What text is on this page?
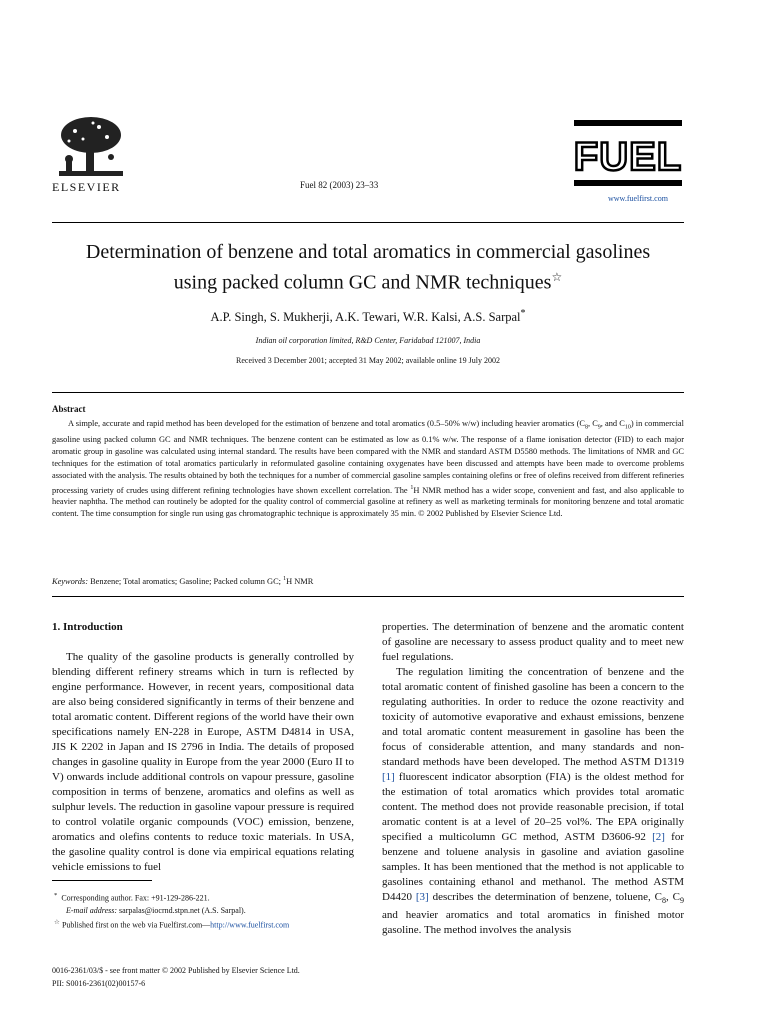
ELSEVIER	Fuel 82 (2003) 23–33
FUEL
www.fuelfirst.com
Determination of benzene and total aromatics in commercial gasolines
using packed column GC and NMR techniques☆
A.P. Singh, S. Mukherji, A.K. Tewari, W.R. Kalsi, A.S. Sarpal*
Indian oil corporation limited, R&D Center, Faridabad 121007, India
Received 3 December 2001; accepted 31 May 2002; available online 19 July 2002
Abstract
A simple, accurate and rapid method has been developed for the estimation of benzene and total aromatics (0.5–50% w/w) including heavier aromatics ($C_8$, $C_9$, and $C_{10}$) in commercial gasoline using packed column GC and NMR techniques. The benzene content can be estimated as low as 0.1% w/w. The response of a flame ionisation detector (FID) to each major aromatic group in gasoline was calculated using internal standard. The results have been compared with the NMR and standard ASTM D5580 methods. The limitations of NMR and GC techniques for the estimation of total aromatics particularly in reformulated gasoline containing oxygenates have been discussed and attempts have been made to overcome problems associated with the analysis. The results obtained by both the techniques for a number of commercial gasoline samples containing olefins or free of olefins received from different refineries processing variety of crudes using different refining technologies have shown excellent correlation. The $^1$H NMR method has a wider scope, convenient and fast, and also applicable to heavier naphtha. The method can routinely be adopted for the quality control of commercial gasoline at refinery as well as marketing terminals for monitoring benzene and total aromatic content. The time consumption for single run using gas chromatographic technique is approximately 35 min. © 2002 Published by Elsevier Science Ltd.
Keywords: Benzene; Total aromatics; Gasoline; Packed column GC; $^1$H NMR
1. Introduction
The quality of the gasoline products is generally controlled by blending different refinery streams which in turn is reflected by engine performance. However, in recent years, compositional data are also being considered significantly in terms of their benzene and total aromatic content. Different regions of the world have their own specifications namely EN-228 in Europe, ASTM D4814 in USA, JIS K 2202 in Japan and IS 2796 in India. The details of proposed changes in gasoline quality in Europe from the year 2000 (Euro II to V) onwards include additional controls on vapour pressure, gasoline composition in terms of benzene, aromatics and olefins as well as sulphur levels. The reduction in gasoline vapour pressure is required to control volatile organic compounds (VOC) emission, benzene, aromatics and olefins contents to reduce toxic materials. In USA, the gasoline quality control is done via empirical equations relating vehicle emissions to fuel
properties. The determination of benzene and the aromatic content of gasoline are necessary to assess product quality and to meet new fuel regulations.
The regulation limiting the concentration of benzene and the total aromatic content of finished gasoline has been a concern to the regulating authorities. In order to reduce the ozone reactivity and toxicity of automotive evaporative and exhaust emissions, benzene and total aromatic content measurement in gasoline has been the focus of considerable attention, and many standards and non-standard methods have been developed. The method ASTM D1319 [1] fluorescent indicator absorption (FIA) is the oldest method for the estimation of total aromatics which provides total aromatic content. The method does not provide reasonable precision, if total aromatic content is at a level of 20–25 vol%. The EPA originally specified a multicolumn GC method, ASTM D3606-92 [2] for benzene and toluene analysis in gasoline and aviation gasoline samples. It has been mentioned that the method is not applicable to gasolines containing ethanol and methanol. The method ASTM D4420 [3] describes the determination of benzene, toluene, $C_8$, $C_9$ and heavier aromatics and total aromatics in finished motor gasoline. The method involves the analysis
* Corresponding author. Fax: +91-129-286-221.
E-mail address: sarpalas@iocrnd.stpn.net (A.S. Sarpal).
☆ Published first on the web via Fuelfirst.com—http://www.fuelfirst.com
0016-2361/03/$ - see front matter © 2002 Published by Elsevier Science Ltd.
PII: S0016-2361(02)00157-6
